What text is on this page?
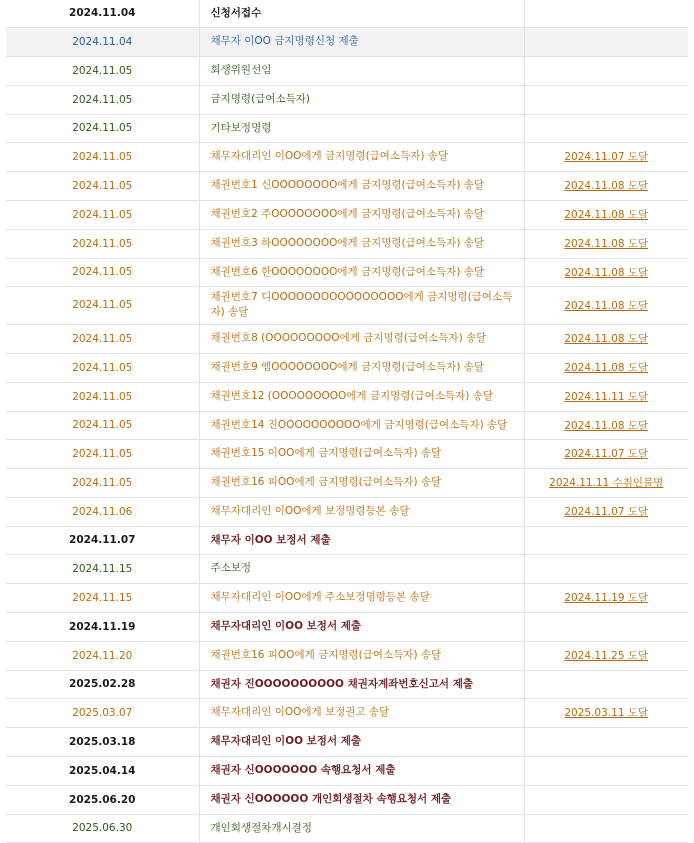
2024.11.04	신청서접수	
2024.11.04	채무자 이OO 금지명령신청 제출	
2024.11.05	회생위원선임	
2024.11.05	금지명령(급여소득자)	
2024.11.05	기타보정명령	
2024.11.05	채무자대리인 이OO에게 금지명령(급여소득자) 송달	2024.11.07 도달
2024.11.05	채권번호1 신OOOOOOOO에게 금지명령(급여소득자) 송달	2024.11.08 도달
2024.11.05	채권번호2 주OOOOOOOO에게 금지명령(급여소득자) 송달	2024.11.08 도달
2024.11.05	채권번호3 하OOOOOOOO에게 금지명령(급여소득자) 송달	2024.11.08 도달
2024.11.05	채권번호6 한OOOOOOOO에게 금지명령(급여소득자) 송달	2024.11.08 도달
2024.11.05	채권번호7 디OOOOOOOOOOOOOOOO에게 금지명령(급여소득자) 송달	2024.11.08 도달
2024.11.05	채권번호8 (OOOOOOOOO에게 금지명령(급여소득자) 송달	2024.11.08 도달
2024.11.05	채권번호9 엠OOOOOOOO에게 금지명령(급여소득자) 송달	2024.11.08 도달
2024.11.05	채권번호12 (OOOOOOOOO에게 금지명령(급여소득자) 송달	2024.11.11 도달
2024.11.05	채권번호14 진OOOOOOOOOO에게 금지명령(급여소득자) 송달	2024.11.08 도달
2024.11.05	채권번호15 이OO에게 금지명령(급여소득자) 송달	2024.11.07 도달
2024.11.05	채권번호16 피OO에게 금지명령(급여소득자) 송달	2024.11.11 수취인불명
2024.11.06	채무자대리인 이OO에게 보정명령등본 송달	2024.11.07 도달
2024.11.07	채무자 이OO 보정서 제출	
2024.11.15	주소보정	
2024.11.15	채무자대리인 이OO에게 주소보정명령등본 송달	2024.11.19 도달
2024.11.19	채무자대리인 이OO 보정서 제출	
2024.11.20	채권번호16 피OO에게 금지명령(급여소득자) 송달	2024.11.25 도달
2025.02.28	채권자 진OOOOOOOOOO 채권자계좌번호신고서 제출	
2025.03.07	채무자대리인 이OO에게 보정권고 송달	2025.03.11 도달
2025.03.18	채무자대리인 이OO 보정서 제출	
2025.04.14	채권자 신OOOOOOO 속행요청서 제출	
2025.06.20	채권자 신OOOOOO 개인회생절차 속행요청서 제출	
2025.06.30	개인회생절차개시결정	
